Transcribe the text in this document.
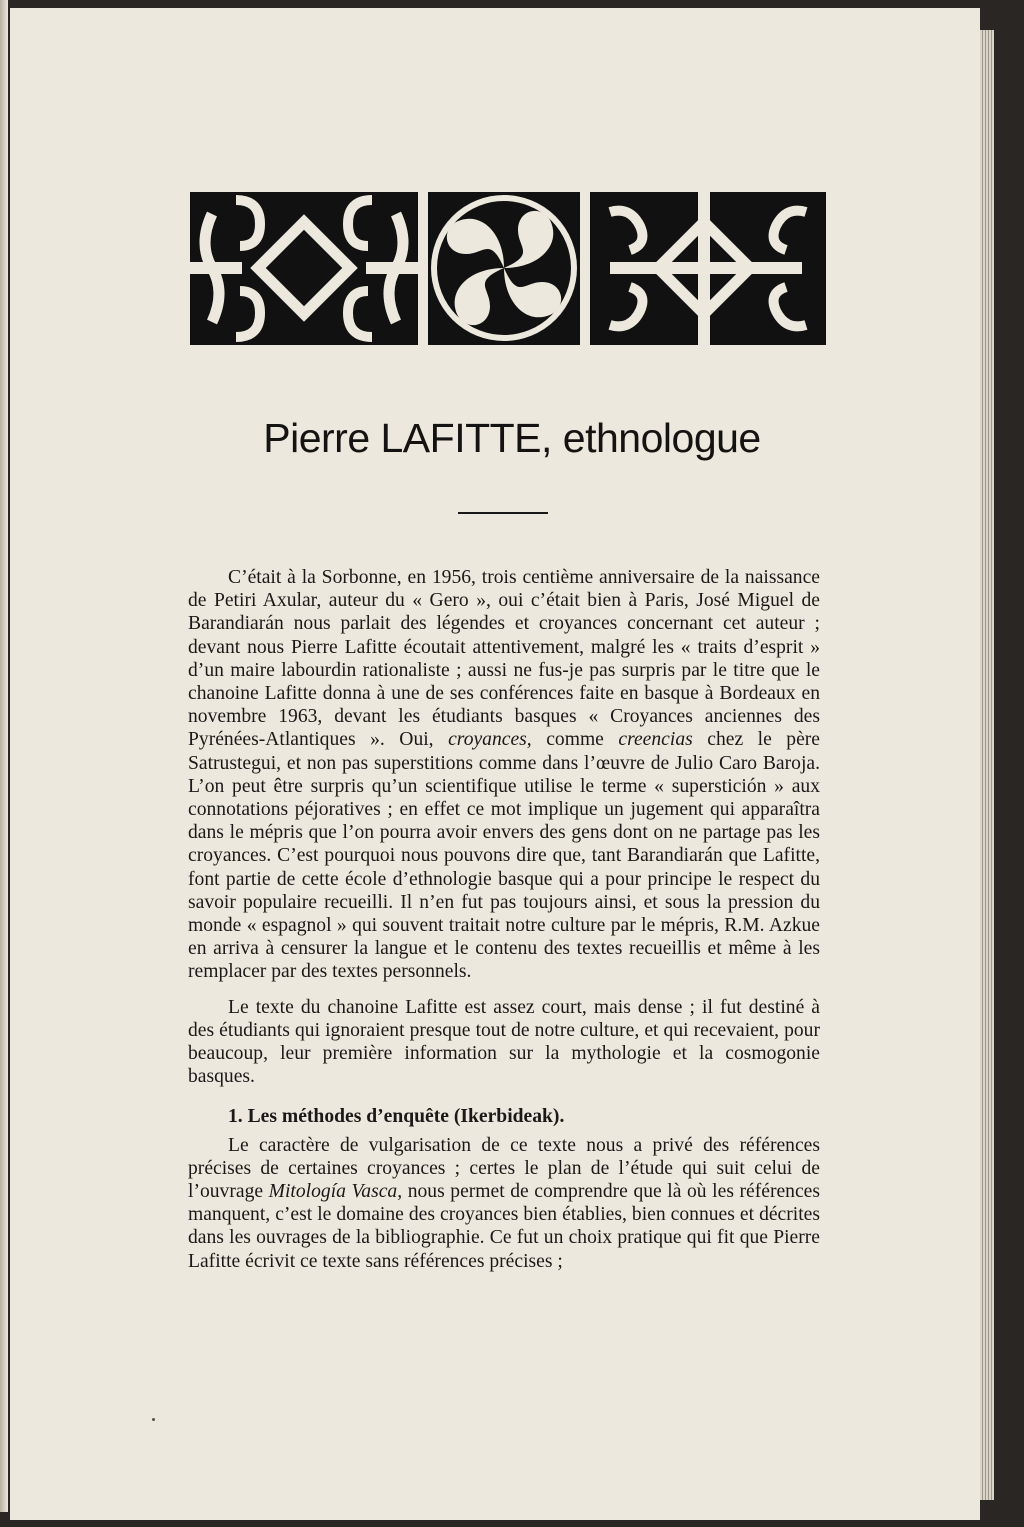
Pierre LAFITTE, ethnologue

C’était à la Sorbonne, en 1956, trois centième anniversaire de la naissance de Petiri Axular, auteur du « Gero », oui c’était bien à Paris, José Miguel de Barandiarán nous parlait des légendes et croyances concernant cet auteur ; devant nous Pierre Lafitte écoutait attentivement, malgré les « traits d’esprit » d’un maire labourdin rationaliste ; aussi ne fus-je pas surpris par le titre que le chanoine Lafitte donna à une de ses conférences faite en basque à Bordeaux en novembre 1963, devant les étudiants basques « Croyances anciennes des Pyrénées-Atlantiques ». Oui, croyances, comme creencias chez le père Satrustegui, et non pas superstitions comme dans l’œuvre de Julio Caro Baroja. L’on peut être surpris qu’un scientifique utilise le terme « superstición » aux connotations péjoratives ; en effet ce mot implique un jugement qui apparaîtra dans le mépris que l’on pourra avoir envers des gens dont on ne partage pas les croyances. C’est pourquoi nous pouvons dire que, tant Barandiarán que Lafitte, font partie de cette école d’ethnologie basque qui a pour principe le respect du savoir populaire recueilli. Il n’en fut pas toujours ainsi, et sous la pression du monde « espagnol » qui souvent traitait notre culture par le mépris, R.M. Azkue en arriva à censurer la langue et le contenu des textes recueillis et même à les remplacer par des textes personnels.

Le texte du chanoine Lafitte est assez court, mais dense ; il fut destiné à des étudiants qui ignoraient presque tout de notre culture, et qui recevaient, pour beaucoup, leur première information sur la mythologie et la cosmogonie basques.

1. Les méthodes d’enquête (Ikerbideak).

Le caractère de vulgarisation de ce texte nous a privé des références précises de certaines croyances ; certes le plan de l’étude qui suit celui de l’ouvrage Mitología Vasca, nous permet de comprendre que là où les références manquent, c’est le domaine des croyances bien établies, bien connues et décrites dans les ouvrages de la bibliographie. Ce fut un choix pratique qui fit que Pierre Lafitte écrivit ce texte sans références précises ;
